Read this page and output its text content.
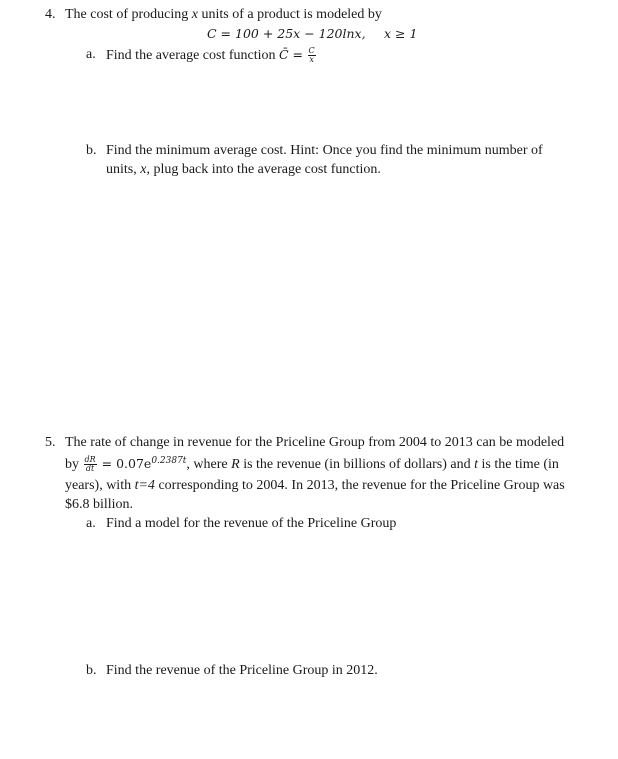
4. The cost of producing x units of a product is modeled by
C = 100 + 25x − 120lnx, x ≥ 1
a. Find the average cost function C̄ = $\frac{C}{x}$
b. Find the minimum average cost. Hint: Once you find the minimum number of
units, x, plug back into the average cost function.
5. The rate of change in revenue for the Priceline Group from 2004 to 2013 can be modeled
by $\frac{dR}{dt} = 0.07e^{0.2387t}$, where R is the revenue (in billions of dollars) and t is the time (in
years), with t=4 corresponding to 2004. In 2013, the revenue for the Priceline Group was
$6.8 billion.
a. Find a model for the revenue of the Priceline Group
b. Find the revenue of the Priceline Group in 2012.
